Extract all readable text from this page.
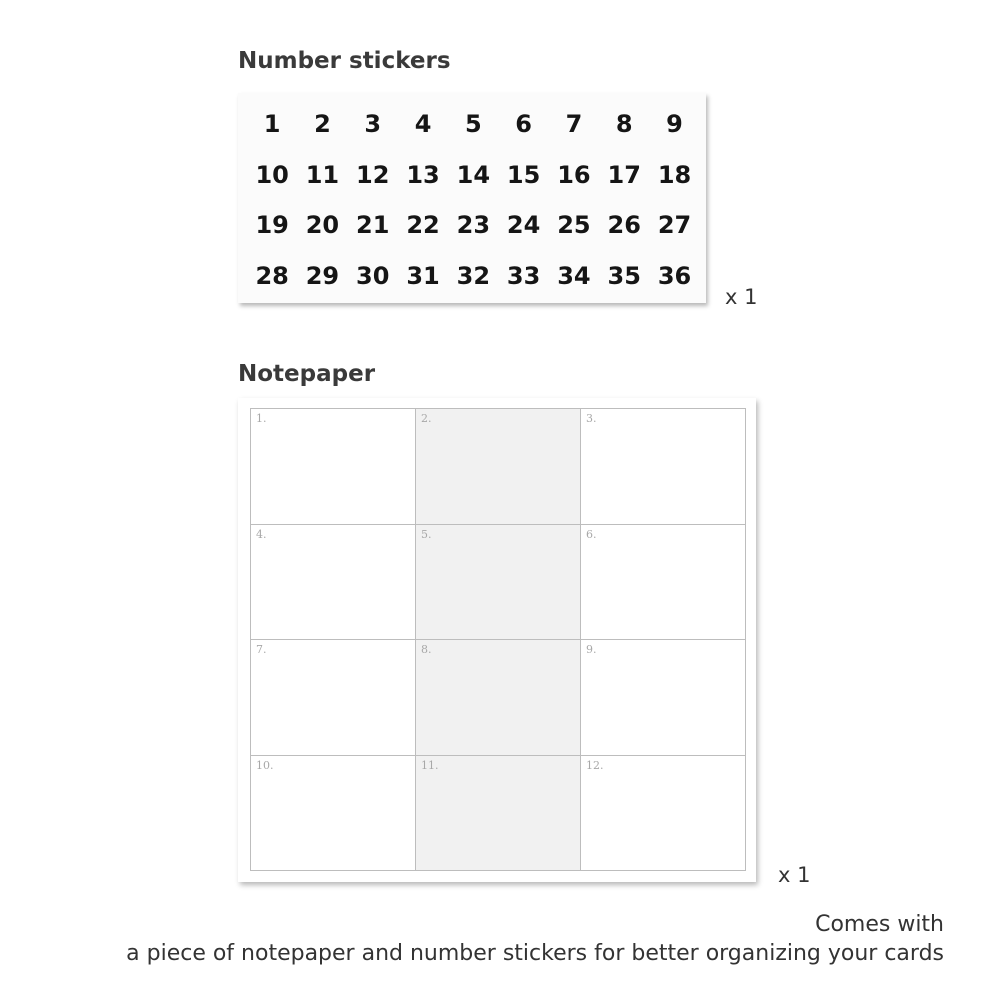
Number stickers
1	2	3	4	5	6	7	8	9
10 11 12 13 14 15 16 17 18
19 20 21 22 23 24 25 26 27
28 29 30 31 32 33 34 35 36
x 1
Notepaper
1.	2.	3.
4.	5.	6.
7.	8.	9.
10.	11.	12.
x 1
Comes with
a piece of notepaper and number stickers for better organizing your cards
